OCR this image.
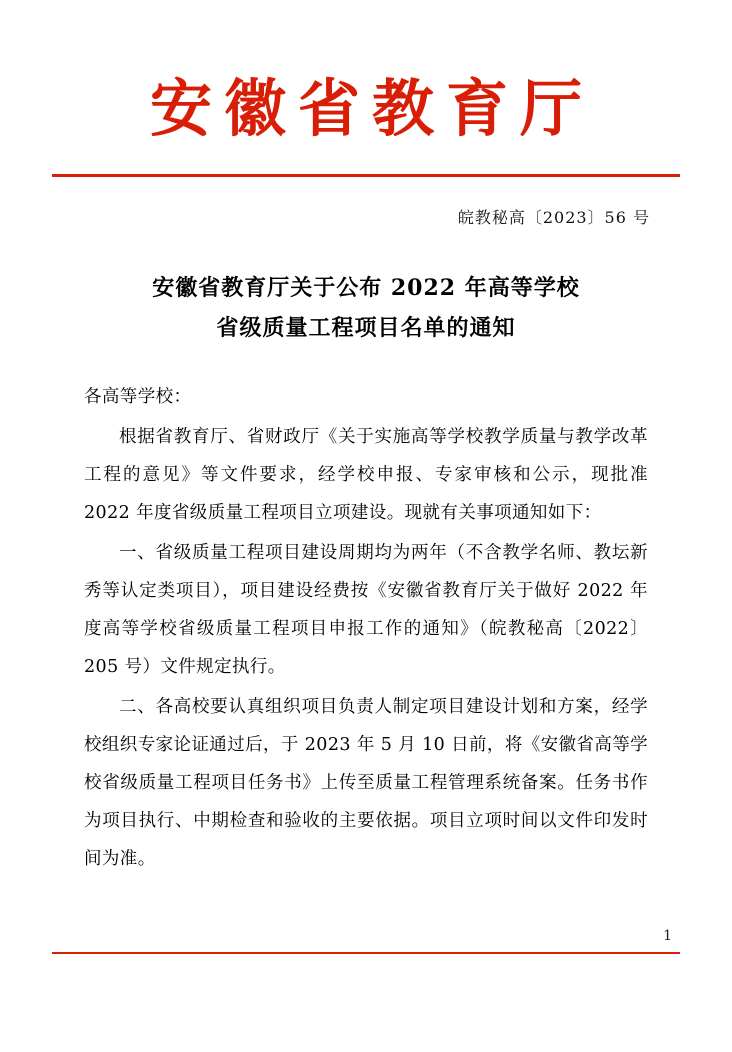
安徽省教育厅
皖教秘高〔2023〕56 号
安徽省教育厅关于公布 2022 年高等学校
省级质量工程项目名单的通知

各高等学校：

根据省教育厅、省财政厅《关于实施高等学校教学质量与教学改革工程的意见》等文件要求，经学校申报、专家审核和公示，现批准 2022 年度省级质量工程项目立项建设。现就有关事项通知如下：

一、省级质量工程项目建设周期均为两年（不含教学名师、教坛新秀等认定类项目），项目建设经费按《安徽省教育厅关于做好 2022 年度高等学校省级质量工程项目申报工作的通知》（皖教秘高〔2022〕205 号）文件规定执行。

二、各高校要认真组织项目负责人制定项目建设计划和方案，经学校组织专家论证通过后，于 2023 年 5 月 10 日前，将《安徽省高等学校省级质量工程项目任务书》上传至质量工程管理系统备案。任务书作为项目执行、中期检查和验收的主要依据。项目立项时间以文件印发时间为准。

1
